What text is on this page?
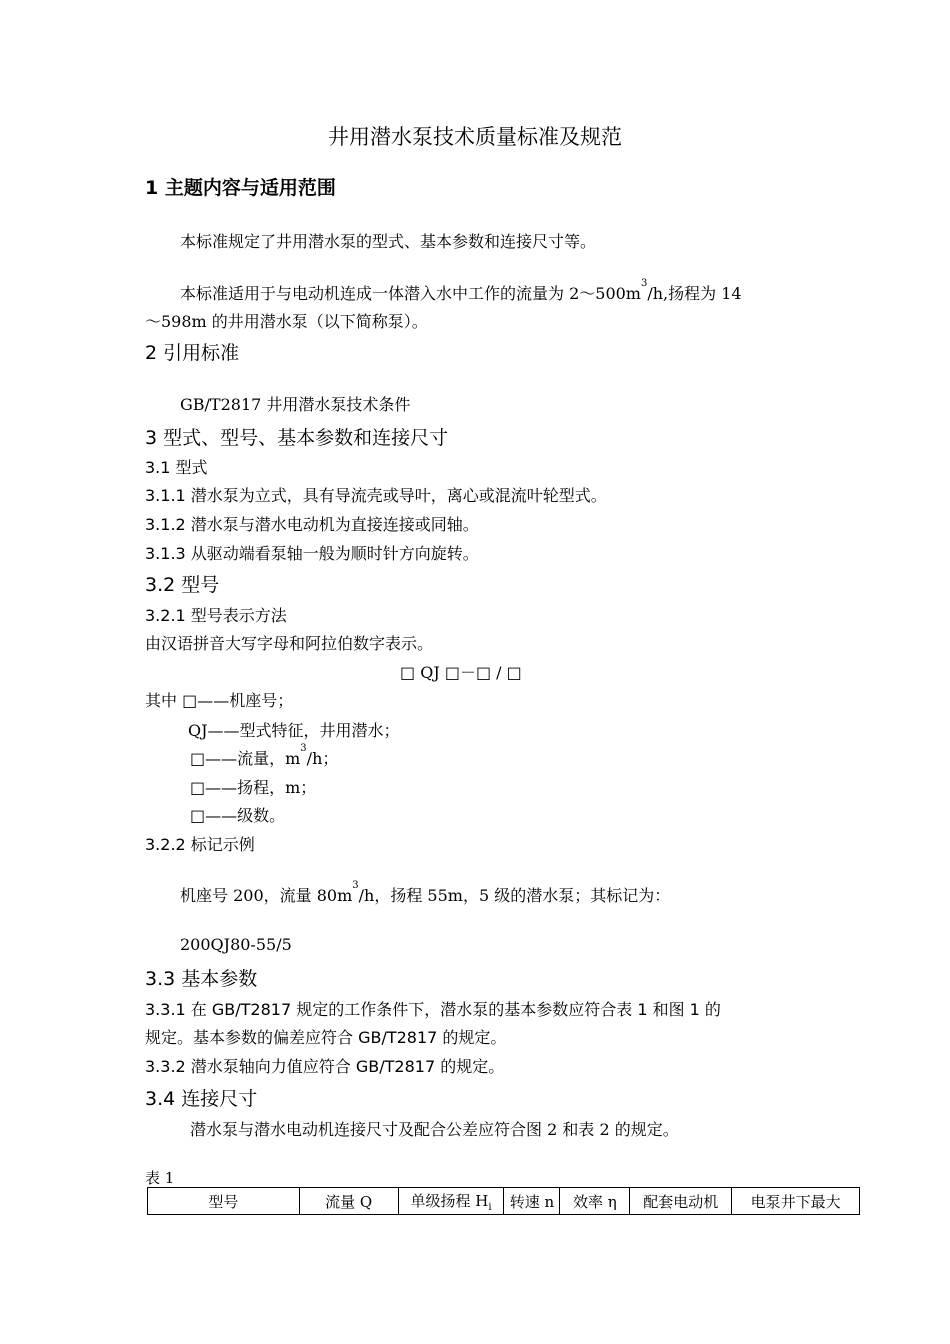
井用潜水泵技术质量标准及规范
1 主题内容与适用范围
本标准规定了井用潜水泵的型式、基本参数和连接尺寸等。
本标准适用于与电动机连成一体潜入水中工作的流量为 $2\sim 500m^3/h$,扬程为 14
～598m 的井用潜水泵（以下简称泵）。
2 引用标准
GB/T2817 井用潜水泵技术条件
3 型式、型号、基本参数和连接尺寸
3.1 型式
3.1.1 潜水泵为立式，具有导流壳或导叶，离心或混流叶轮型式。
3.1.2 潜水泵与潜水电动机为直接连接或同轴。
3.1.3 从驱动端看泵轴一般为顺时针方向旋转。
3.2 型号
3.2.1 型号表示方法
由汉语拼音大写字母和阿拉伯数字表示。
□ QJ □－□ / □
其中 □——机座号；
QJ——型式特征，井用潜水；
□——流量，$m^3/h$；
□——扬程，m；
□——级数。
3.2.2 标记示例
机座号 200，流量 $80m^3/h$，扬程 55m，5 级的潜水泵；其标记为：
200QJ80-55/5
3.3 基本参数
3.3.1 在 GB/T2817 规定的工作条件下，潜水泵的基本参数应符合表 1 和图 1 的
规定。基本参数的偏差应符合 GB/T2817 的规定。
3.3.2 潜水泵轴向力值应符合 GB/T2817 的规定。
3.4 连接尺寸
潜水泵与潜水电动机连接尺寸及配合公差应符合图 2 和表 2 的规定。
表 1
型号	流量 Q	单级扬程 $H_i$	转速 n	效率 η	配套电动机	电泵井下最大
